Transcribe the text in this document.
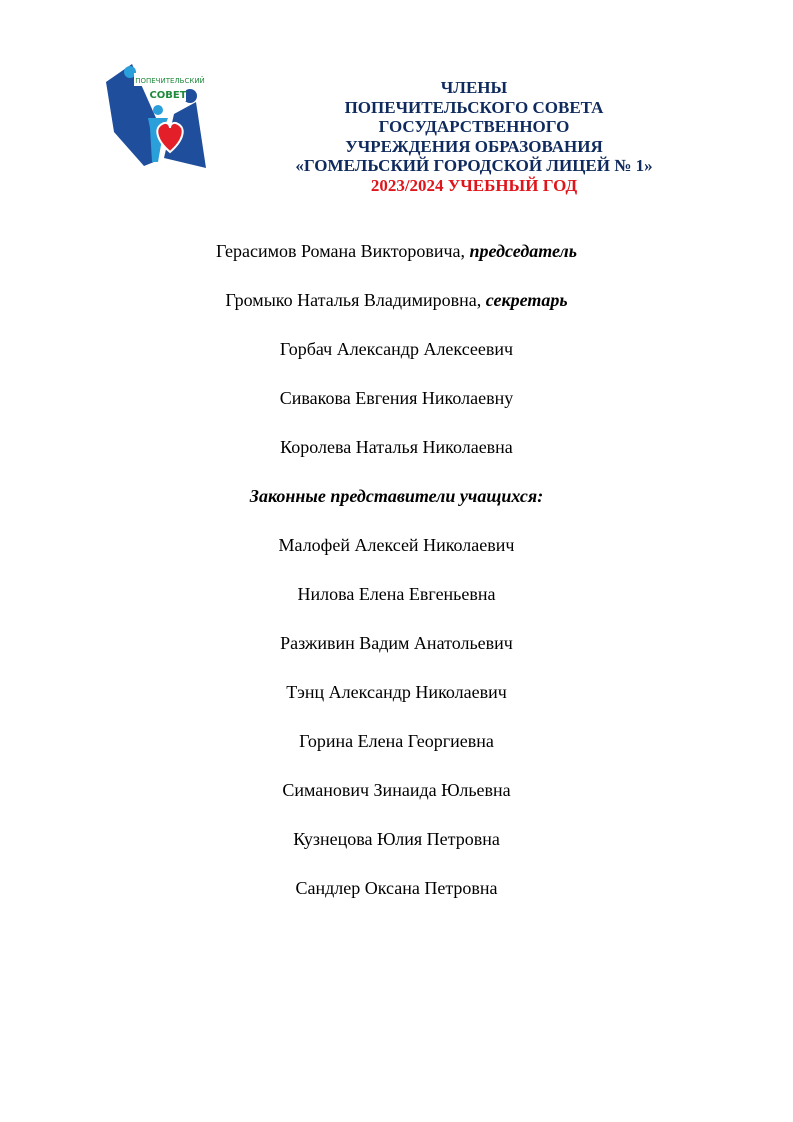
ПОПЕЧИТЕЛЬСКИЙ
СОВЕТ	ЧЛЕНЫ
ПОПЕЧИТЕЛЬСКОГО СОВЕТА
ГОСУДАРСТВЕННОГО
УЧРЕЖДЕНИЯ ОБРАЗОВАНИЯ
«ГОМЕЛЬСКИЙ ГОРОДСКОЙ ЛИЦЕЙ № 1»
2023/2024 УЧЕБНЫЙ ГОД
Герасимов Романа Викторовича, председатель
Громыко Наталья Владимировна, секретарь
Горбач Александр Алексеевич
Сивакова Евгения Николаевну
Королева Наталья Николаевна
Законные представители учащихся:
Малофей Алексей Николаевич
Нилова Елена Евгеньевна
Разживин Вадим Анатольевич
Тэнц Александр Николаевич
Горина Елена Георгиевна
Симанович Зинаида Юльевна
Кузнецова Юлия Петровна
Сандлер Оксана Петровна
